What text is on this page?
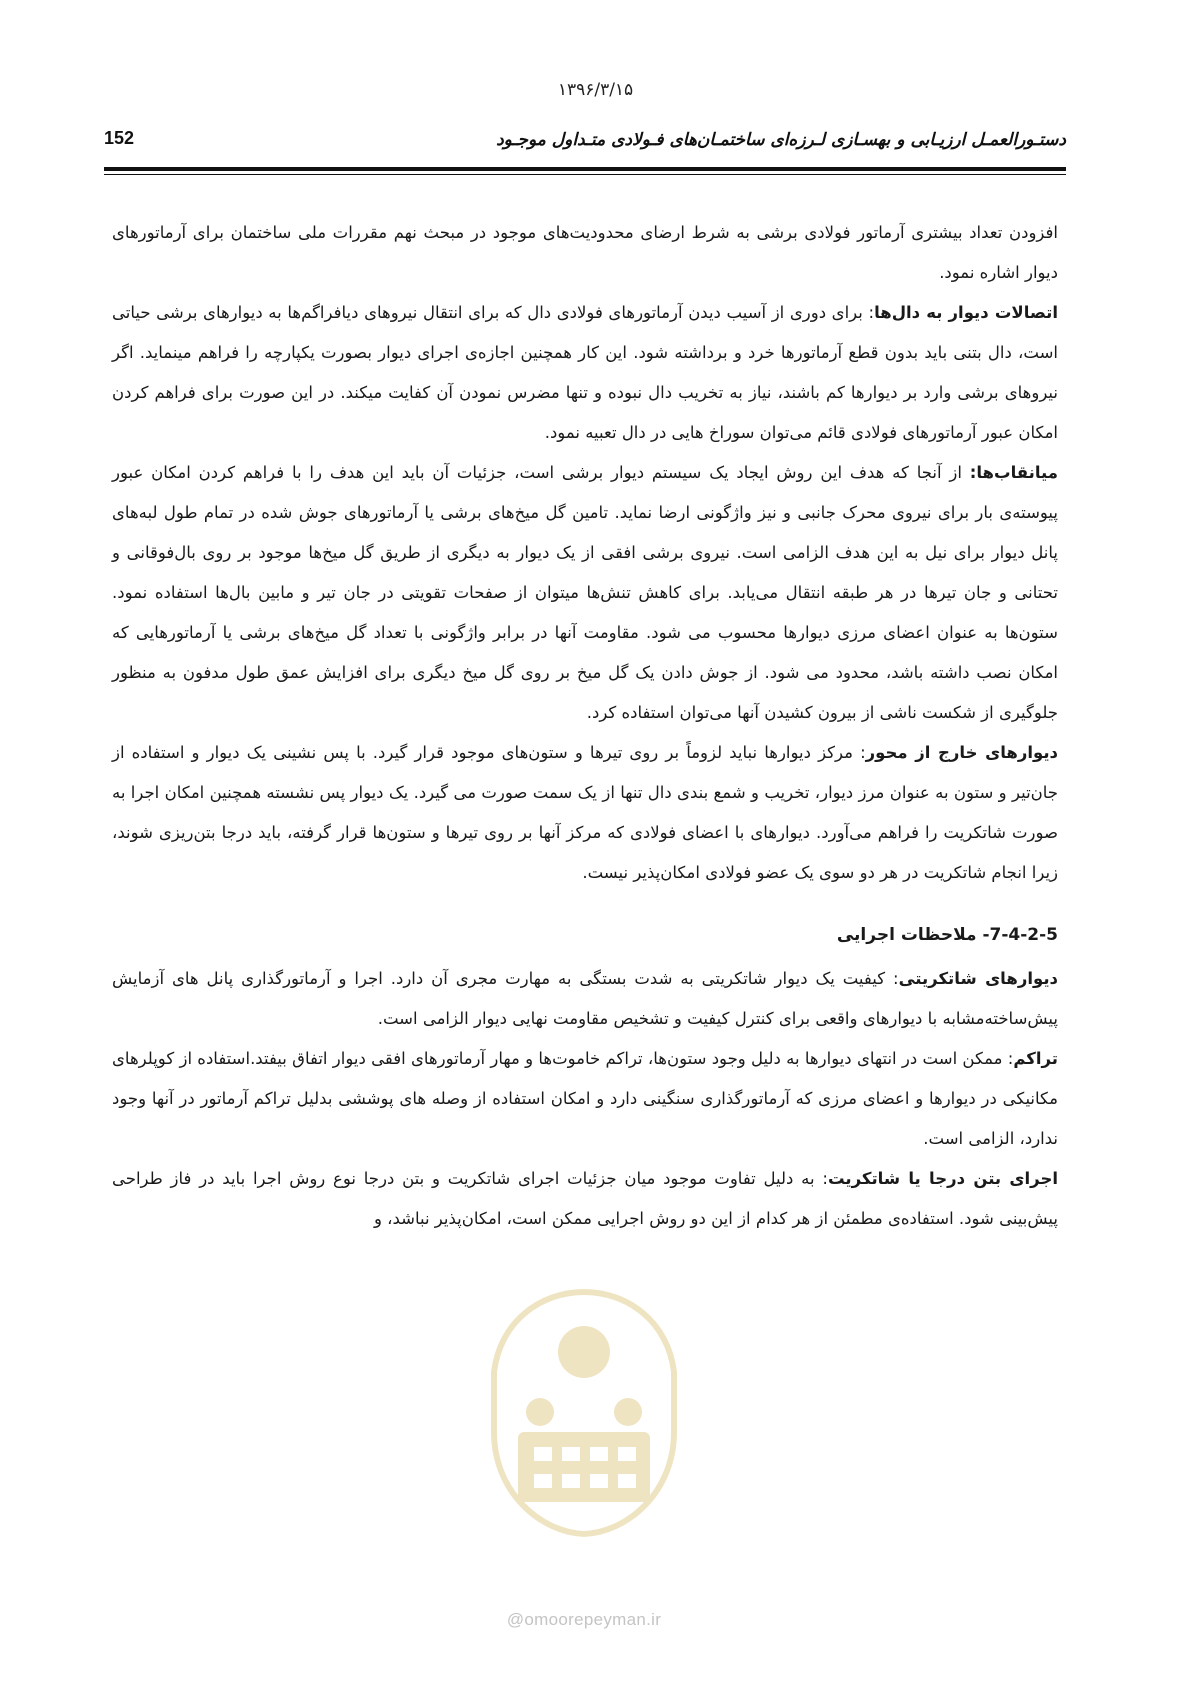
۱۳۹۶/۳/۱۵
دستـورالعمـل ارزیـابی و بهسـازی لـرزه‌ای ساختمـان‌های فـولادی متـداول موجـود
152

افزودن تعداد بیشتری آرماتور فولادی برشی به شرط ارضای محدودیت‌های موجود در مبحث نهم مقررات ملی ساختمان برای آرماتورهای دیوار اشاره نمود.

اتصالات دیوار به دال‌ها: برای دوری از آسیب دیدن آرماتورهای فولادی دال که برای انتقال نیروهای دیافراگم‌ها به دیوارهای برشی حیاتی است، دال بتنی باید بدون قطع آرماتورها خرد و برداشته شود. این کار همچنین اجازه‌ی اجرای دیوار بصورت یکپارچه را فراهم مینماید. اگر نیروهای برشی وارد بر دیوارها کم باشند، نیاز به تخریب دال نبوده و تنها مضرس نمودن آن کفایت میکند. در این صورت برای فراهم کردن امکان عبور آرماتورهای فولادی قائم می‌توان سوراخ هایی در دال تعبیه نمود.

میانقاب‌ها: از آنجا که هدف این روش ایجاد یک سیستم دیوار برشی است، جزئیات آن باید این هدف را با فراهم کردن امکان عبور پیوسته‌ی بار برای نیروی محرک جانبی و نیز واژگونی ارضا نماید. تامین گل میخ‌های برشی یا آرماتورهای جوش شده در تمام طول لبه‌های پانل دیوار برای نیل به این هدف الزامی است. نیروی برشی افقی از یک دیوار به دیگری از طریق گل میخ‌ها موجود بر روی بال‌فوقانی و تحتانی و جان تیرها در هر طبقه انتقال می‌یابد. برای کاهش تنش‌ها میتوان از صفحات تقویتی در جان تیر و مابین بال‌ها استفاده نمود. ستون‌ها به عنوان اعضای مرزی دیوارها محسوب می شود. مقاومت آنها در برابر واژگونی با تعداد گل میخ‌های برشی یا آرماتورهایی که امکان نصب داشته باشد، محدود می شود. از جوش دادن یک گل میخ بر روی گل میخ دیگری برای افزایش عمق طول مدفون به منظور جلوگیری از شکست ناشی از بیرون کشیدن آنها می‌توان استفاده کرد.

دیوارهای خارج از محور: مرکز دیوارها نباید لزوماً بر روی تیرها و ستون‌های موجود قرار گیرد. با پس نشینی یک دیوار و استفاده از جان‌تیر و ستون به عنوان مرز دیوار، تخریب و شمع بندی دال تنها از یک سمت صورت می گیرد. یک دیوار پس نشسته همچنین امکان اجرا به صورت شاتکریت را فراهم می‌آورد. دیوارهای با اعضای فولادی که مرکز آنها بر روی تیرها و ستون‌ها قرار گرفته، باید درجا بتن‌ریزی شوند، زیرا انجام شاتکریت در هر دو سوی یک عضو فولادی امکان‌پذیر نیست.

7-4-2-5- ملاحظات اجرایی

دیوارهای شاتکریتی: کیفیت یک دیوار شاتکریتی به شدت بستگی به مهارت مجری آن دارد. اجرا و آرماتورگذاری پانل های آزمایش پیش‌ساخته‌مشابه با دیوارهای واقعی برای کنترل کیفیت و تشخیص مقاومت نهایی دیوار الزامی است.

تراکم: ممکن است در انتهای دیوارها به دلیل وجود ستون‌ها، تراکم خاموت‌ها و مهار آرماتورهای افقی دیوار اتفاق بیفتد.استفاده از کوپلرهای مکانیکی در دیوارها و اعضای مرزی که آرماتورگذاری سنگینی دارد و امکان استفاده از وصله های پوششی بدلیل تراکم آرماتور در آنها وجود ندارد، الزامی است.

اجرای بتن درجا یا شاتکریت: به دلیل تفاوت موجود میان جزئیات اجرای شاتکریت و بتن درجا نوع روش اجرا باید در فاز طراحی پیش‌بینی شود. استفاده‌ی مطمئن از هر کدام از این دو روش اجرایی ممکن است، امکان‌پذیر نباشد، و

@omoorepeyman.ir
